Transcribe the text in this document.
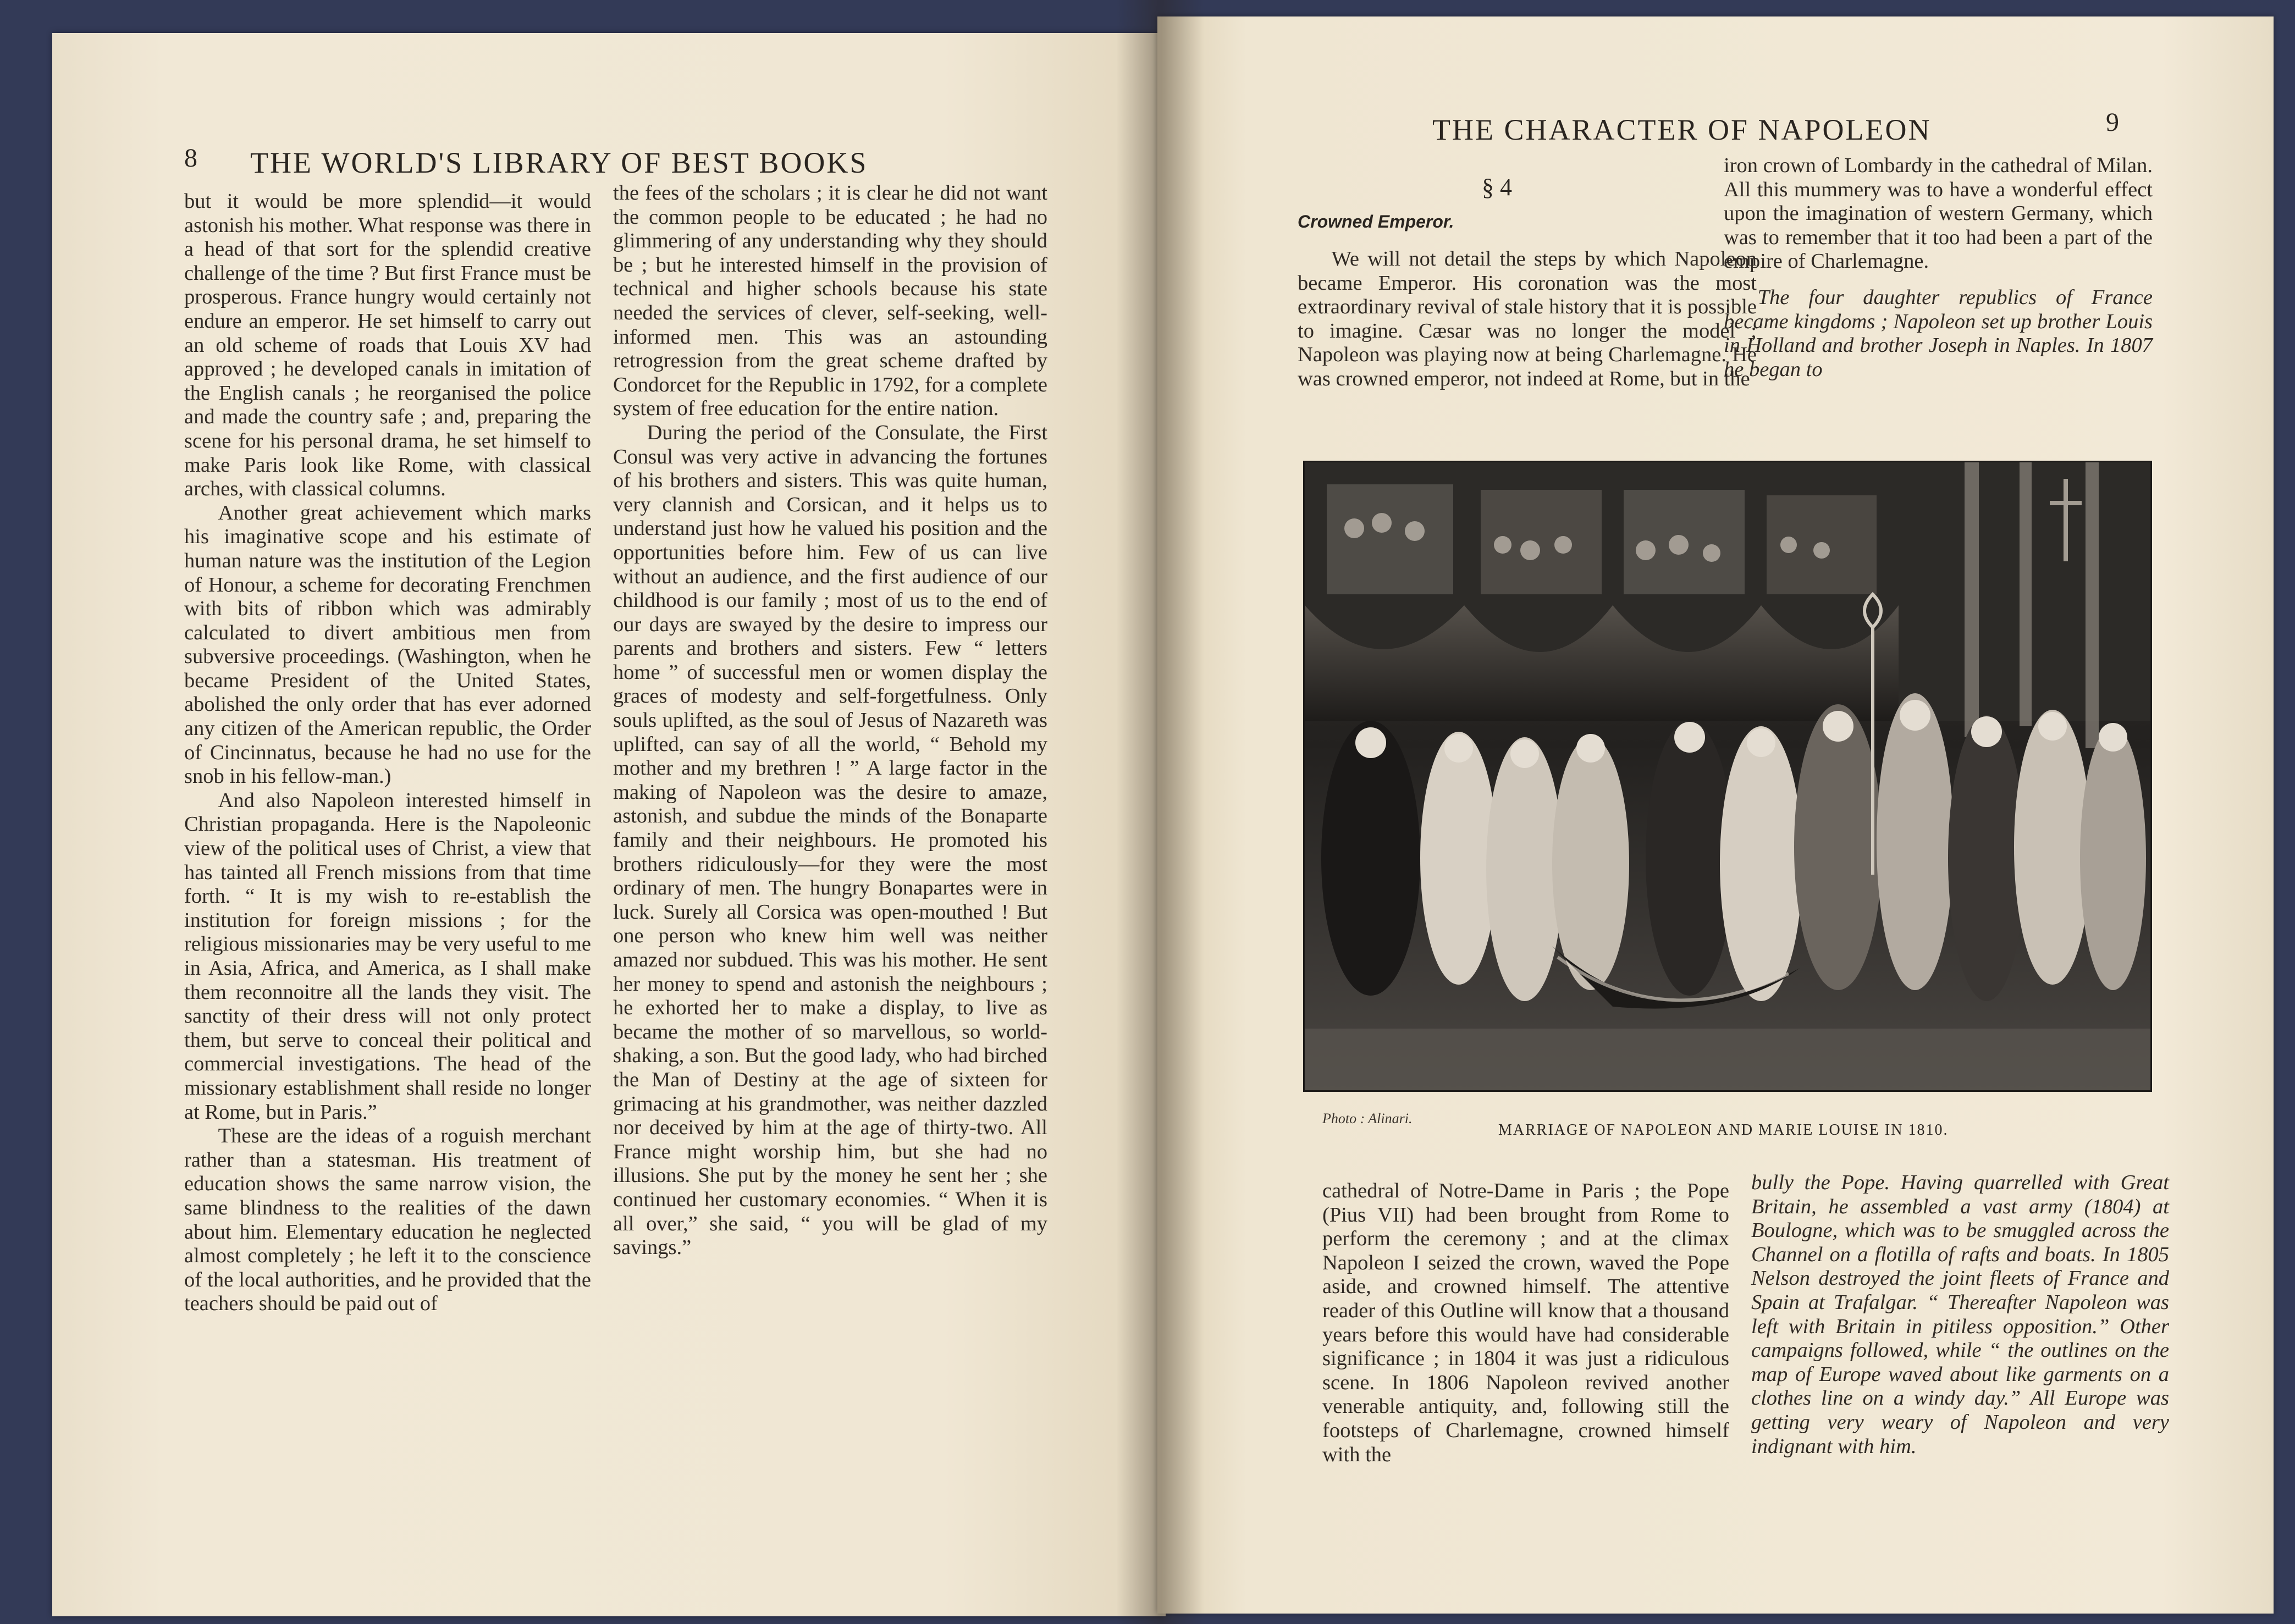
8 THE WORLD'S LIBRARY OF BEST BOOKS

but it would be more splendid—it would astonish his mother. What response was there in a head of that sort for the splendid creative challenge of the time ? But first France must be prosperous. France hungry would certainly not endure an emperor. He set himself to carry out an old scheme of roads that Louis XV had approved ; he developed canals in imitation of the English canals ; he reorganised the police and made the country safe ; and, preparing the scene for his personal drama, he set himself to make Paris look like Rome, with classical arches, with classical columns.

Another great achievement which marks his imaginative scope and his estimate of human nature was the institution of the Legion of Honour, a scheme for decorating Frenchmen with bits of ribbon which was admirably calculated to divert ambitious men from subversive proceedings. (Washington, when he became President of the United States, abolished the only order that has ever adorned any citizen of the American republic, the Order of Cincinnatus, because he had no use for the snob in his fellow-man.)

And also Napoleon interested himself in Christian propaganda. Here is the Napoleonic view of the political uses of Christ, a view that has tainted all French missions from that time forth. “ It is my wish to re-establish the institution for foreign missions ; for the religious missionaries may be very useful to me in Asia, Africa, and America, as I shall make them reconnoitre all the lands they visit. The sanctity of their dress will not only protect them, but serve to conceal their political and commercial investigations. The head of the missionary establishment shall reside no longer at Rome, but in Paris.”

These are the ideas of a roguish merchant rather than a statesman. His treatment of education shows the same narrow vision, the same blindness to the realities of the dawn about him. Elementary education he neglected almost completely ; he left it to the conscience of the local authorities, and he provided that the teachers should be paid out of

the fees of the scholars ; it is clear he did not want the common people to be educated ; he had no glimmering of any understanding why they should be ; but he interested himself in the provision of technical and higher schools because his state needed the services of clever, self-seeking, well-informed men. This was an astounding retrogression from the great scheme drafted by Condorcet for the Republic in 1792, for a complete system of free education for the entire nation.

During the period of the Consulate, the First Consul was very active in advancing the fortunes of his brothers and sisters. This was quite human, very clannish and Corsican, and it helps us to understand just how he valued his position and the opportunities before him. Few of us can live without an audience, and the first audience of our childhood is our family ; most of us to the end of our days are swayed by the desire to impress our parents and brothers and sisters. Few “ letters home ” of successful men or women display the graces of modesty and self-forgetfulness. Only souls uplifted, as the soul of Jesus of Nazareth was uplifted, can say of all the world, “ Behold my mother and my brethren ! ” A large factor in the making of Napoleon was the desire to amaze, astonish, and subdue the minds of the Bonaparte family and their neighbours. He promoted his brothers ridiculously—for they were the most ordinary of men. The hungry Bonapartes were in luck. Surely all Corsica was open-mouthed ! But one person who knew him well was neither amazed nor subdued. This was his mother. He sent her money to spend and astonish the neighbours ; he exhorted her to make a display, to live as became the mother of so marvellous, so world-shaking, a son. But the good lady, who had birched the Man of Destiny at the age of sixteen for grimacing at his grandmother, was neither dazzled nor deceived by him at the age of thirty-two. All France might worship him, but she had no illusions. She put by the money he sent her ; she continued her customary economies. “ When it is all over,” she said, “ you will be glad of my savings.”

THE CHARACTER OF NAPOLEON	9
§ 4
Crowned Emperor.

We will not detail the steps by which Napoleon became Emperor. His coronation was the most extraordinary revival of stale history that it is possible to imagine. Cæsar was no longer the model ; Napoleon was playing now at being Charlemagne. He was crowned emperor, not indeed at Rome, but in the

iron crown of Lombardy in the cathedral of Milan. All this mummery was to have a wonderful effect upon the imagination of western Germany, which was to remember that it too had been a part of the empire of Charlemagne.

The four daughter republics of France became kingdoms ; Napoleon set up brother Louis in Holland and brother Joseph in Naples. In 1807 he began to

Photo : Alinari.
MARRIAGE OF NAPOLEON AND MARIE LOUISE IN 1810.

cathedral of Notre-Dame in Paris ; the Pope (Pius VII) had been brought from Rome to perform the ceremony ; and at the climax Napoleon I seized the crown, waved the Pope aside, and crowned himself. The attentive reader of this Outline will know that a thousand years before this would have had considerable significance ; in 1804 it was just a ridiculous scene. In 1806 Napoleon revived another venerable antiquity, and, following still the footsteps of Charlemagne, crowned himself with the

bully the Pope. Having quarrelled with Great Britain, he assembled a vast army (1804) at Boulogne, which was to be smuggled across the Channel on a flotilla of rafts and boats. In 1805 Nelson destroyed the joint fleets of France and Spain at Trafalgar. “ Thereafter Napoleon was left with Britain in pitiless opposition.” Other campaigns followed, while “ the outlines on the map of Europe waved about like garments on a clothes line on a windy day.” All Europe was getting very weary of Napoleon and very indignant with him.
